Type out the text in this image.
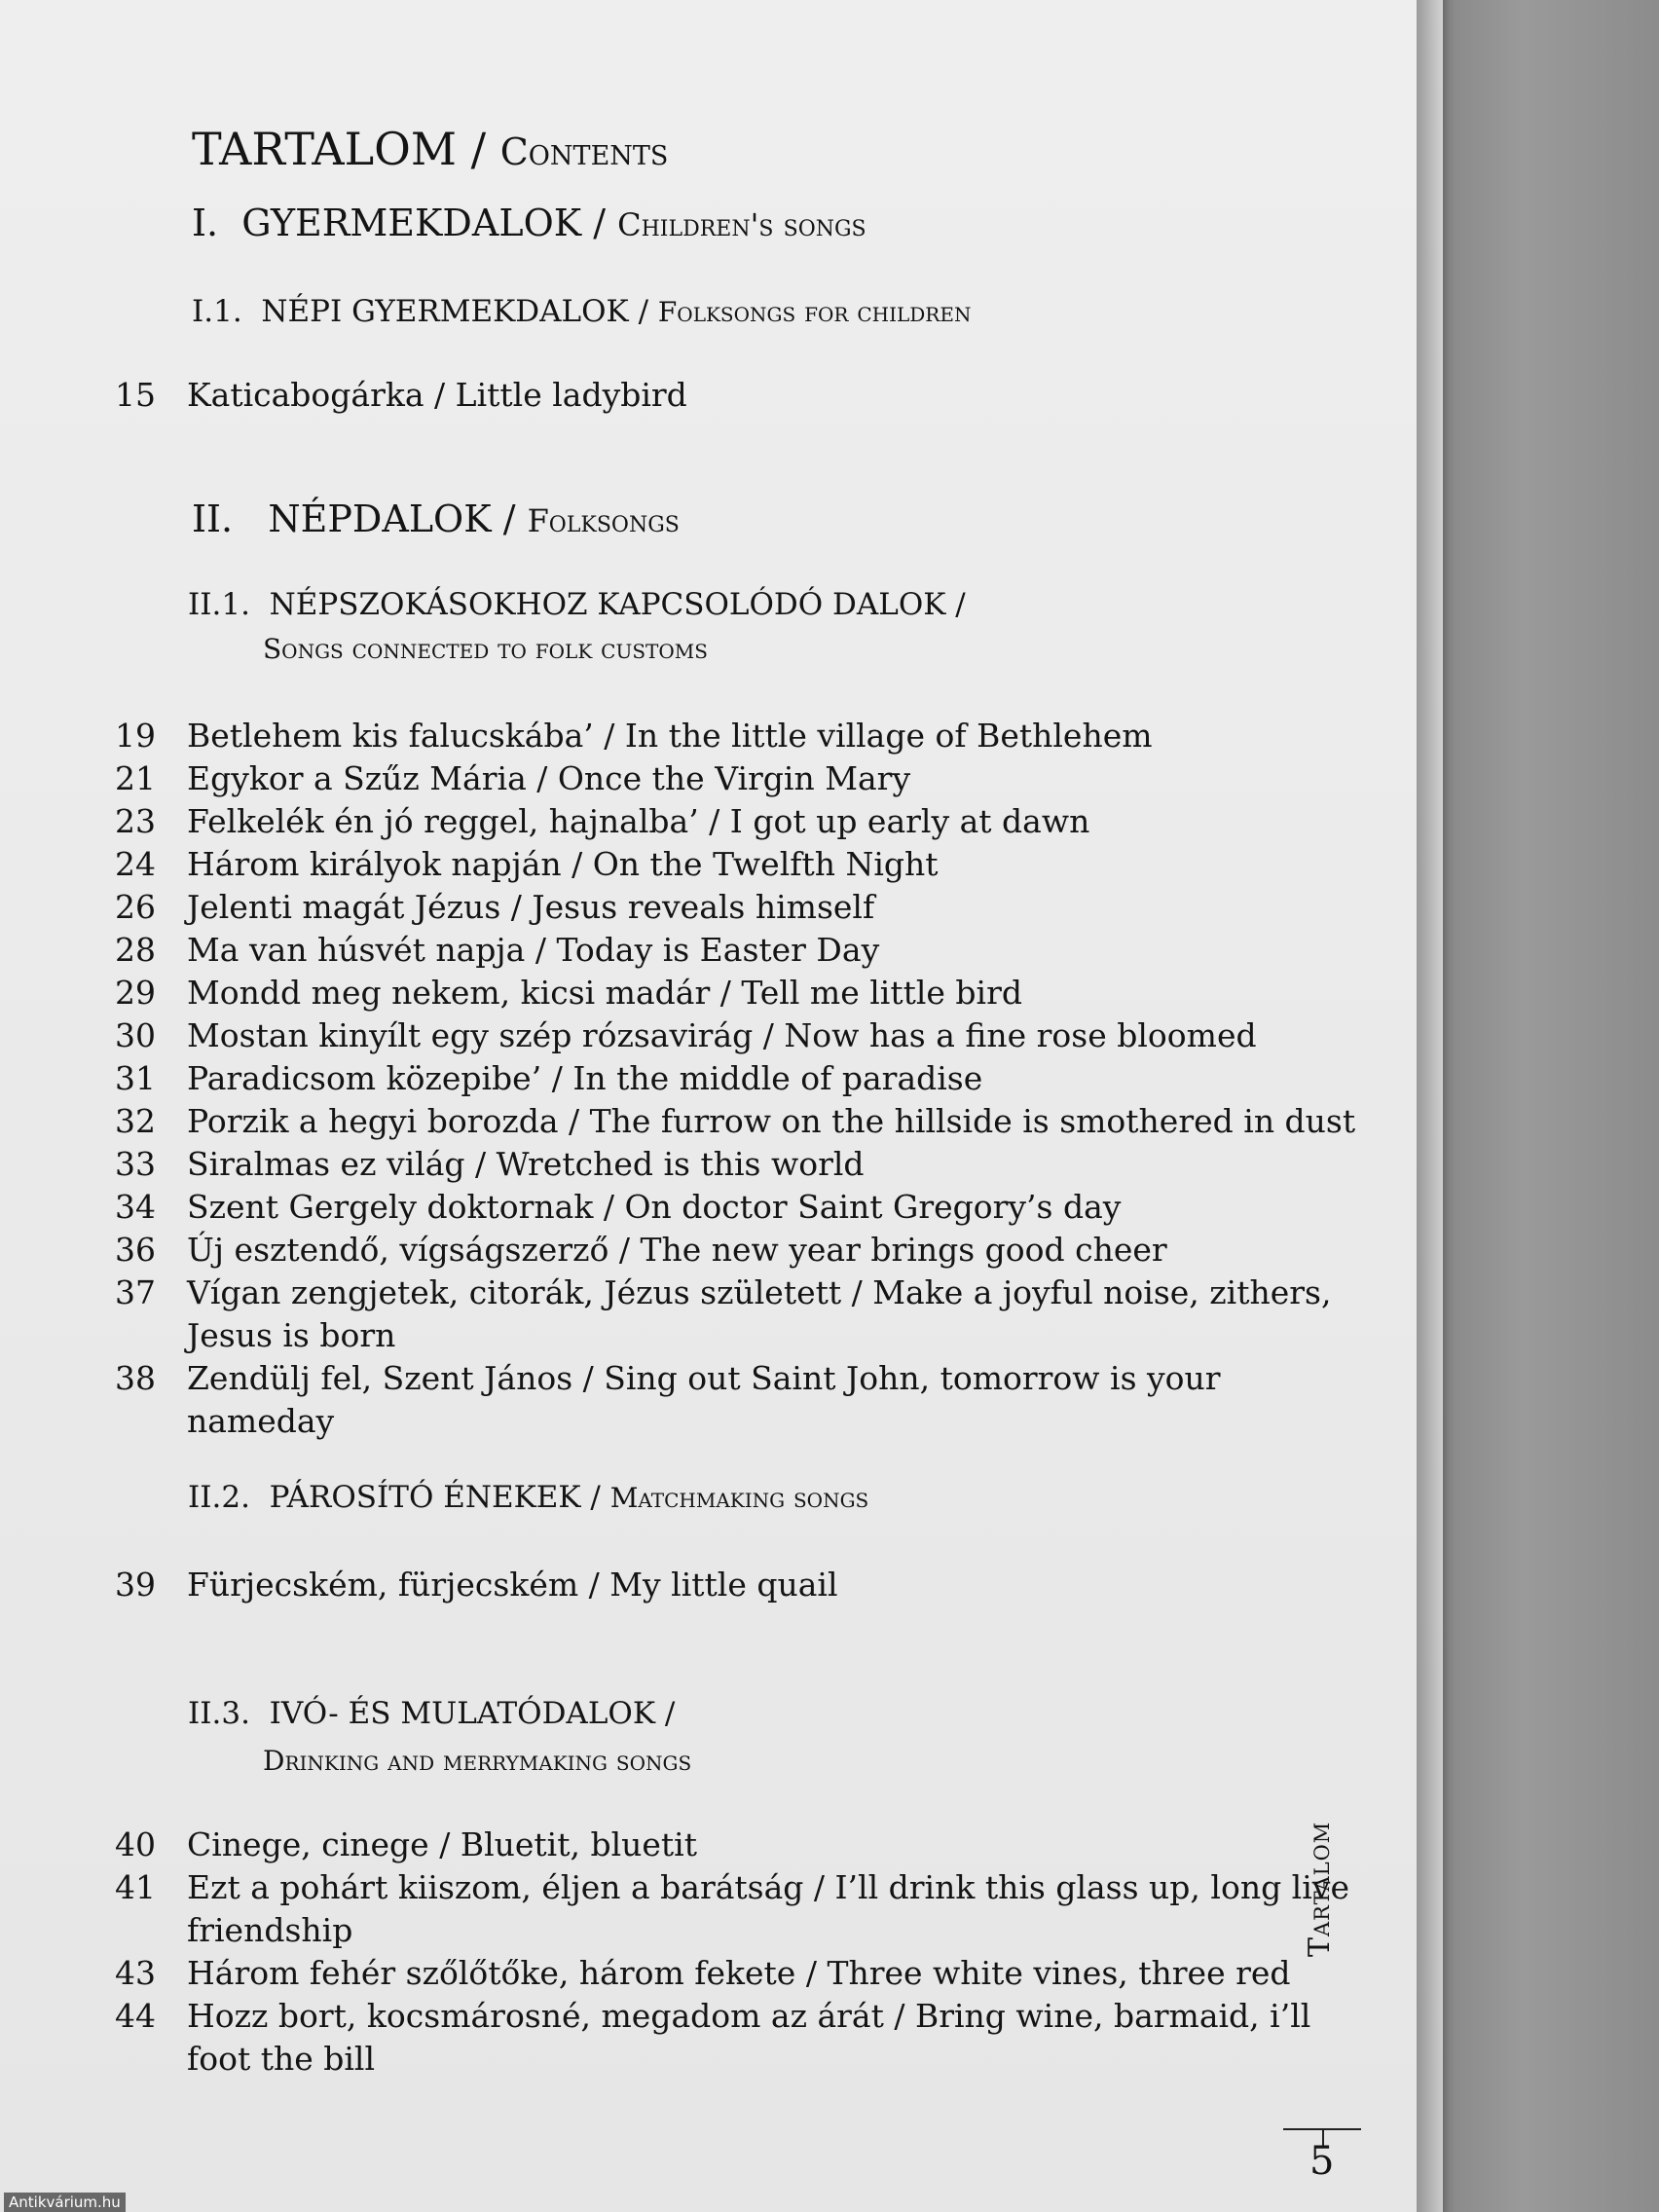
TARTALOM / Contents
I. GYERMEKDALOK / Children's songs
I.1. NÉPI GYERMEKDALOK / Folksongs for children
15 Katicabogárka / Little ladybird
II. NÉPDALOK / Folksongs
II.1. NÉPSZOKÁSOKHOZ KAPCSOLÓDÓ DALOK /
Songs connected to folk customs
19 Betlehem kis falucskába’ / In the little village of Bethlehem
21 Egykor a Szűz Mária / Once the Virgin Mary
23 Felkelék én jó reggel, hajnalba’ / I got up early at dawn
24 Három királyok napján / On the Twelfth Night
26 Jelenti magát Jézus / Jesus reveals himself
28 Ma van húsvét napja / Today is Easter Day
29 Mondd meg nekem, kicsi madár / Tell me little bird
30 Mostan kinyílt egy szép rózsavirág / Now has a fine rose bloomed
31 Paradicsom közepibe’ / In the middle of paradise
32 Porzik a hegyi borozda / The furrow on the hillside is smothered in dust
33 Siralmas ez világ / Wretched is this world
34 Szent Gergely doktornak / On doctor Saint Gregory’s day
36 Új esztendő, vígságszerző / The new year brings good cheer
37 Vígan zengjetek, citorák, Jézus született / Make a joyful noise, zithers, Jesus is born
38 Zendülj fel, Szent János / Sing out Saint John, tomorrow is your nameday
II.2. PÁROSÍTÓ ÉNEKEK / Matchmaking songs
39 Fürjecském, fürjecském / My little quail
II.3. IVÓ- ÉS MULATÓDALOK /
Drinking and merrymaking songs
40 Cinege, cinege / Bluetit, bluetit
41 Ezt a pohárt kiiszom, éljen a barátság / I’ll drink this glass up, long live friendship
43 Három fehér szőlőtőke, három fekete / Three white vines, three red
44 Hozz bort, kocsmárosné, megadom az árát / Bring wine, barmaid, i’ll foot the bill
Tartalom
5
Antikvárium.hu
